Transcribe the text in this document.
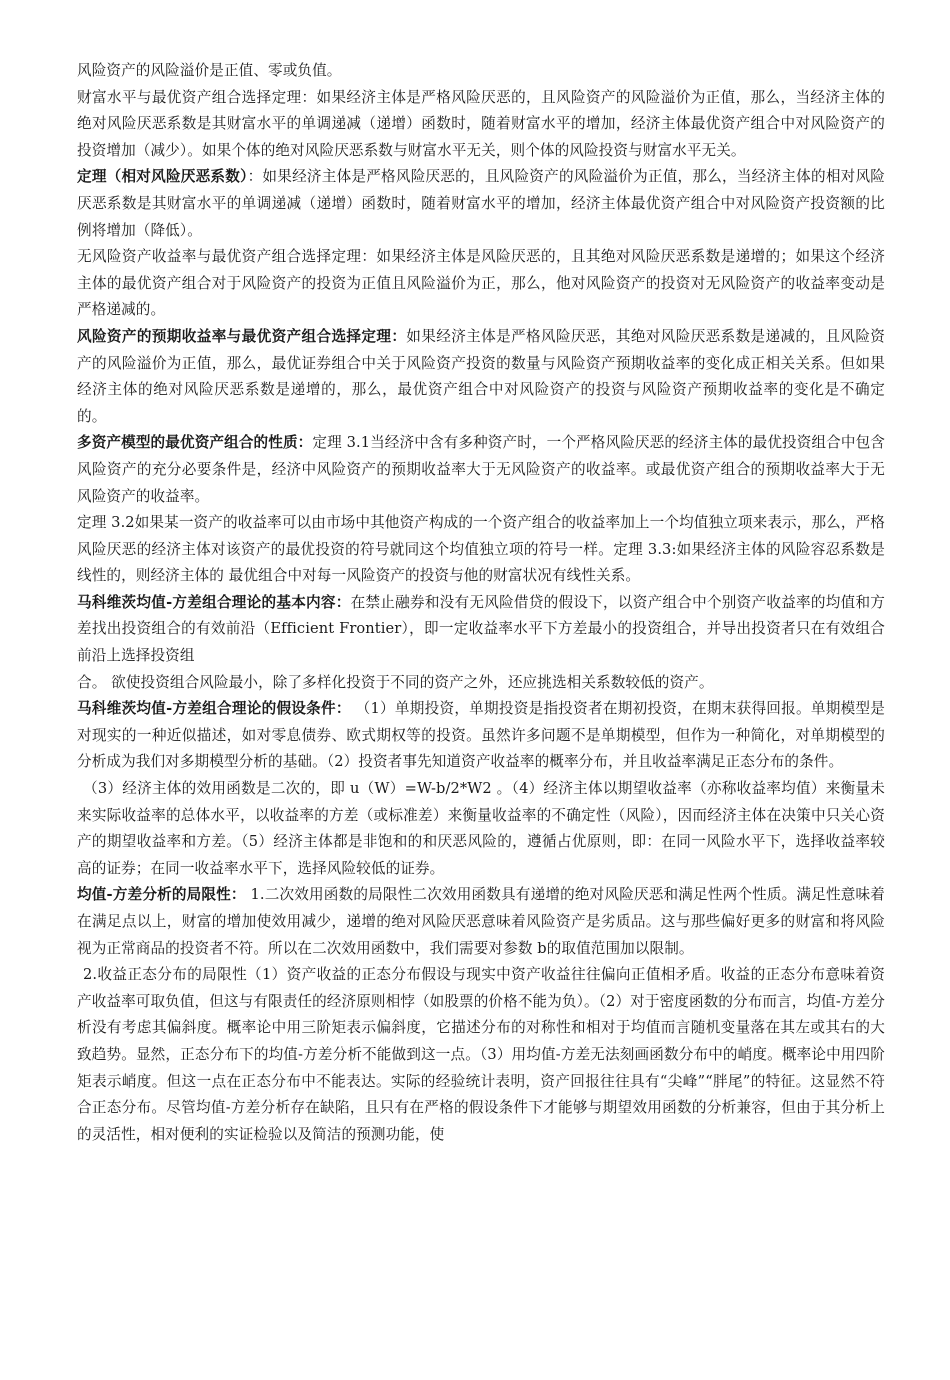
风险资产的风险溢价是正值、零或负值。

财富水平与最优资产组合选择定理：如果经济主体是严格风险厌恶的，且风险资产的风险溢价为正值，那么，当经济主体的绝对风险厌恶系数是其财富水平的单调递减（递增）函数时，随着财富水平的增加，经济主体最优资产组合中对风险资产的投资增加（减少）。如果个体的绝对风险厌恶系数与财富水平无关，则个体的风险投资与财富水平无关。

定理（相对风险厌恶系数）：如果经济主体是严格风险厌恶的，且风险资产的风险溢价为正值，那么，当经济主体的相对风险厌恶系数是其财富水平的单调递减（递增）函数时，随着财富水平的增加，经济主体最优资产组合中对风险资产投资额的比例将增加（降低）。

无风险资产收益率与最优资产组合选择定理：如果经济主体是风险厌恶的，且其绝对风险厌恶系数是递增的；如果这个经济主体的最优资产组合对于风险资产的投资为正值且风险溢价为正，那么，他对风险资产的投资对无风险资产的收益率变动是严格递减的。

风险资产的预期收益率与最优资产组合选择定理：如果经济主体是严格风险厌恶，其绝对风险厌恶系数是递减的，且风险资产的风险溢价为正值，那么，最优证券组合中关于风险资产投资的数量与风险资产预期收益率的变化成正相关关系。但如果经济主体的绝对风险厌恶系数是递增的，那么，最优资产组合中对风险资产的投资与风险资产预期收益率的变化是不确定的。

多资产模型的最优资产组合的性质：定理 3.1当经济中含有多种资产时，一个严格风险厌恶的经济主体的最优投资组合中包含风险资产的充分必要条件是，经济中风险资产的预期收益率大于无风险资产的收益率。或最优资产组合的预期收益率大于无风险资产的收益率。

定理 3.2如果某一资产的收益率可以由市场中其他资产构成的一个资产组合的收益率加上一个均值独立项来表示，那么，严格风险厌恶的经济主体对该资产的最优投资的符号就同这个均值独立项的符号一样。定理 3.3:如果经济主体的风险容忍系数是线性的，则经济主体的 最优组合中对每一风险资产的投资与他的财富状况有线性关系。

马科维茨均值-方差组合理论的基本内容：在禁止融券和没有无风险借贷的假设下，以资产组合中个别资产收益率的均值和方差找出投资组合的有效前沿（Efficient Frontier），即一定收益率水平下方差最小的投资组合，并导出投资者只在有效组合前沿上选择投资组

合。 欲使投资组合风险最小，除了多样化投资于不同的资产之外，还应挑选相关系数较低的资产。

马科维茨均值-方差组合理论的假设条件： （1）单期投资，单期投资是指投资者在期初投资，在期末获得回报。单期模型是对现实的一种近似描述，如对零息债券、欧式期权等的投资。虽然许多问题不是单期模型，但作为一种简化，对单期模型的分析成为我们对多期模型分析的基础。（2）投资者事先知道资产收益率的概率分布，并且收益率满足正态分布的条件。

（3）经济主体的效用函数是二次的，即 u（W）=W-b/2*W2 。（4）经济主体以期望收益率（亦称收益率均值）来衡量未来实际收益率的总体水平，以收益率的方差（或标准差）来衡量收益率的不确定性（风险），因而经济主体在决策中只关心资产的期望收益率和方差。（5）经济主体都是非饱和的和厌恶风险的，遵循占优原则，即：在同一风险水平下，选择收益率较高的证券；在同一收益率水平下，选择风险较低的证券。

均值-方差分析的局限性： 1.二次效用函数的局限性二次效用函数具有递增的绝对风险厌恶和满足性两个性质。满足性意味着在满足点以上，财富的增加使效用减少，递增的绝对风险厌恶意味着风险资产是劣质品。这与那些偏好更多的财富和将风险视为正常商品的投资者不符。所以在二次效用函数中，我们需要对参数 b的取值范围加以限制。

2.收益正态分布的局限性（1）资产收益的正态分布假设与现实中资产收益往往偏向正值相矛盾。收益的正态分布意味着资产收益率可取负值，但这与有限责任的经济原则相悖（如股票的价格不能为负）。（2）对于密度函数的分布而言，均值-方差分析没有考虑其偏斜度。概率论中用三阶矩表示偏斜度，它描述分布的对称性和相对于均值而言随机变量落在其左或其右的大致趋势。显然，正态分布下的均值-方差分析不能做到这一点。（3）用均值-方差无法刻画函数分布中的峭度。概率论中用四阶矩表示峭度。但这一点在正态分布中不能表达。实际的经验统计表明，资产回报往往具有“尖峰”“胖尾”的特征。这显然不符合正态分布。尽管均值-方差分析存在缺陷，且只有在严格的假设条件下才能够与期望效用函数的分析兼容，但由于其分析上的灵活性，相对便利的实证检验以及简洁的预测功能，使
